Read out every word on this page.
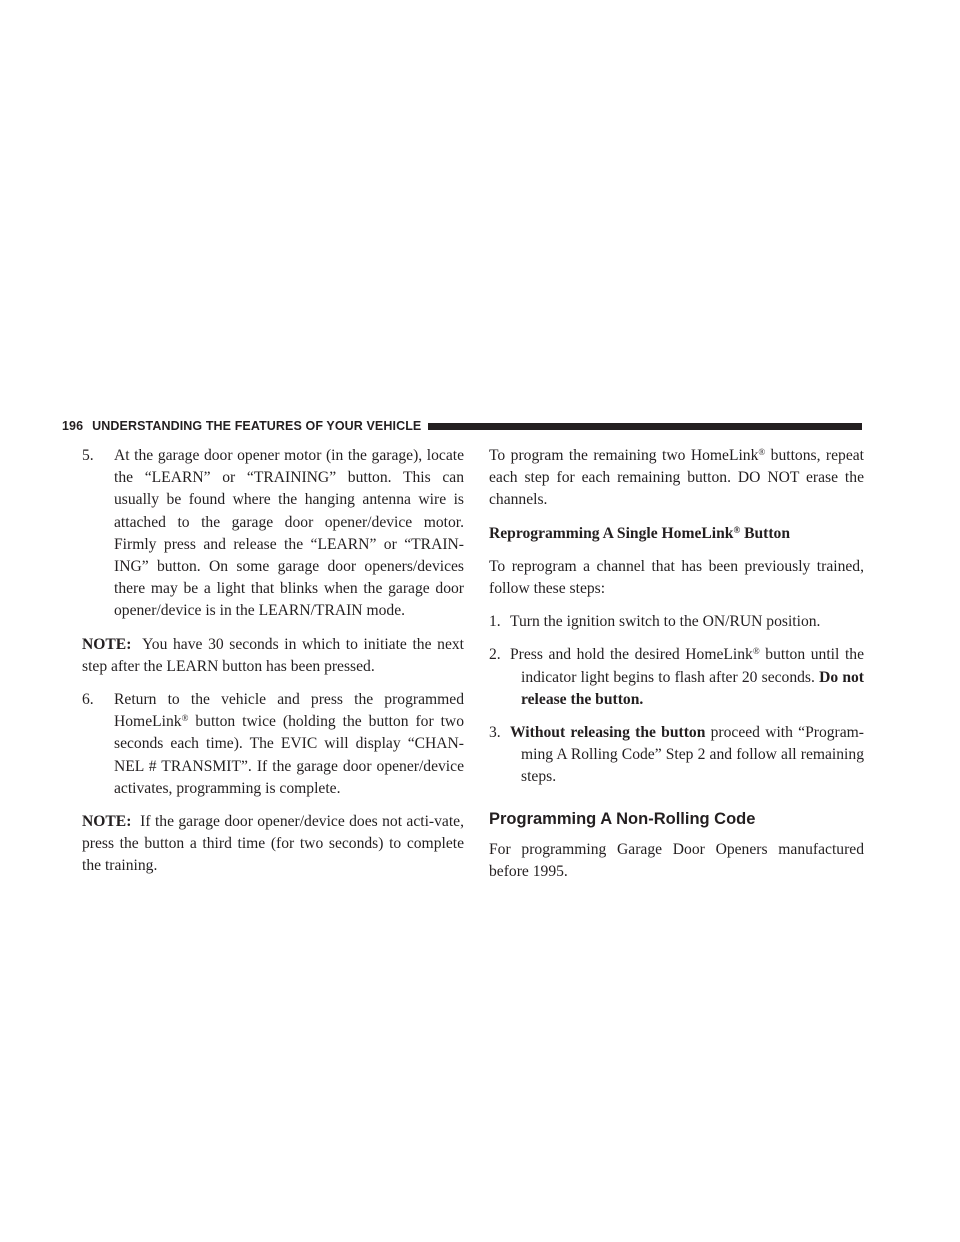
196 UNDERSTANDING THE FEATURES OF YOUR VEHICLE
5. At the garage door opener motor (in the garage), locate the “LEARN” or “TRAINING” button. This can usually be found where the hanging antenna wire is attached to the garage door opener/device motor. Firmly press and release the “LEARN” or “TRAIN-ING” button. On some garage door openers/devices there may be a light that blinks when the garage door opener/device is in the LEARN/TRAIN mode.

NOTE: You have 30 seconds in which to initiate the next step after the LEARN button has been pressed.

6. Return to the vehicle and press the programmed HomeLink® button twice (holding the button for two seconds each time). The EVIC will display “CHAN-NEL # TRANSMIT”. If the garage door opener/device activates, programming is complete.

NOTE: If the garage door opener/device does not acti-vate, press the button a third time (for two seconds) to complete the training.

To program the remaining two HomeLink® buttons, repeat each step for each remaining button. DO NOT erase the channels.

Reprogramming A Single HomeLink® Button

To reprogram a channel that has been previously trained, follow these steps:

1. Turn the ignition switch to the ON/RUN position.
2. Press and hold the desired HomeLink® button until the indicator light begins to flash after 20 seconds. Do not release the button.
3. Without releasing the button proceed with “Program-ming A Rolling Code” Step 2 and follow all remaining steps.
Programming A Non-Rolling Code

For programming Garage Door Openers manufactured before 1995.
